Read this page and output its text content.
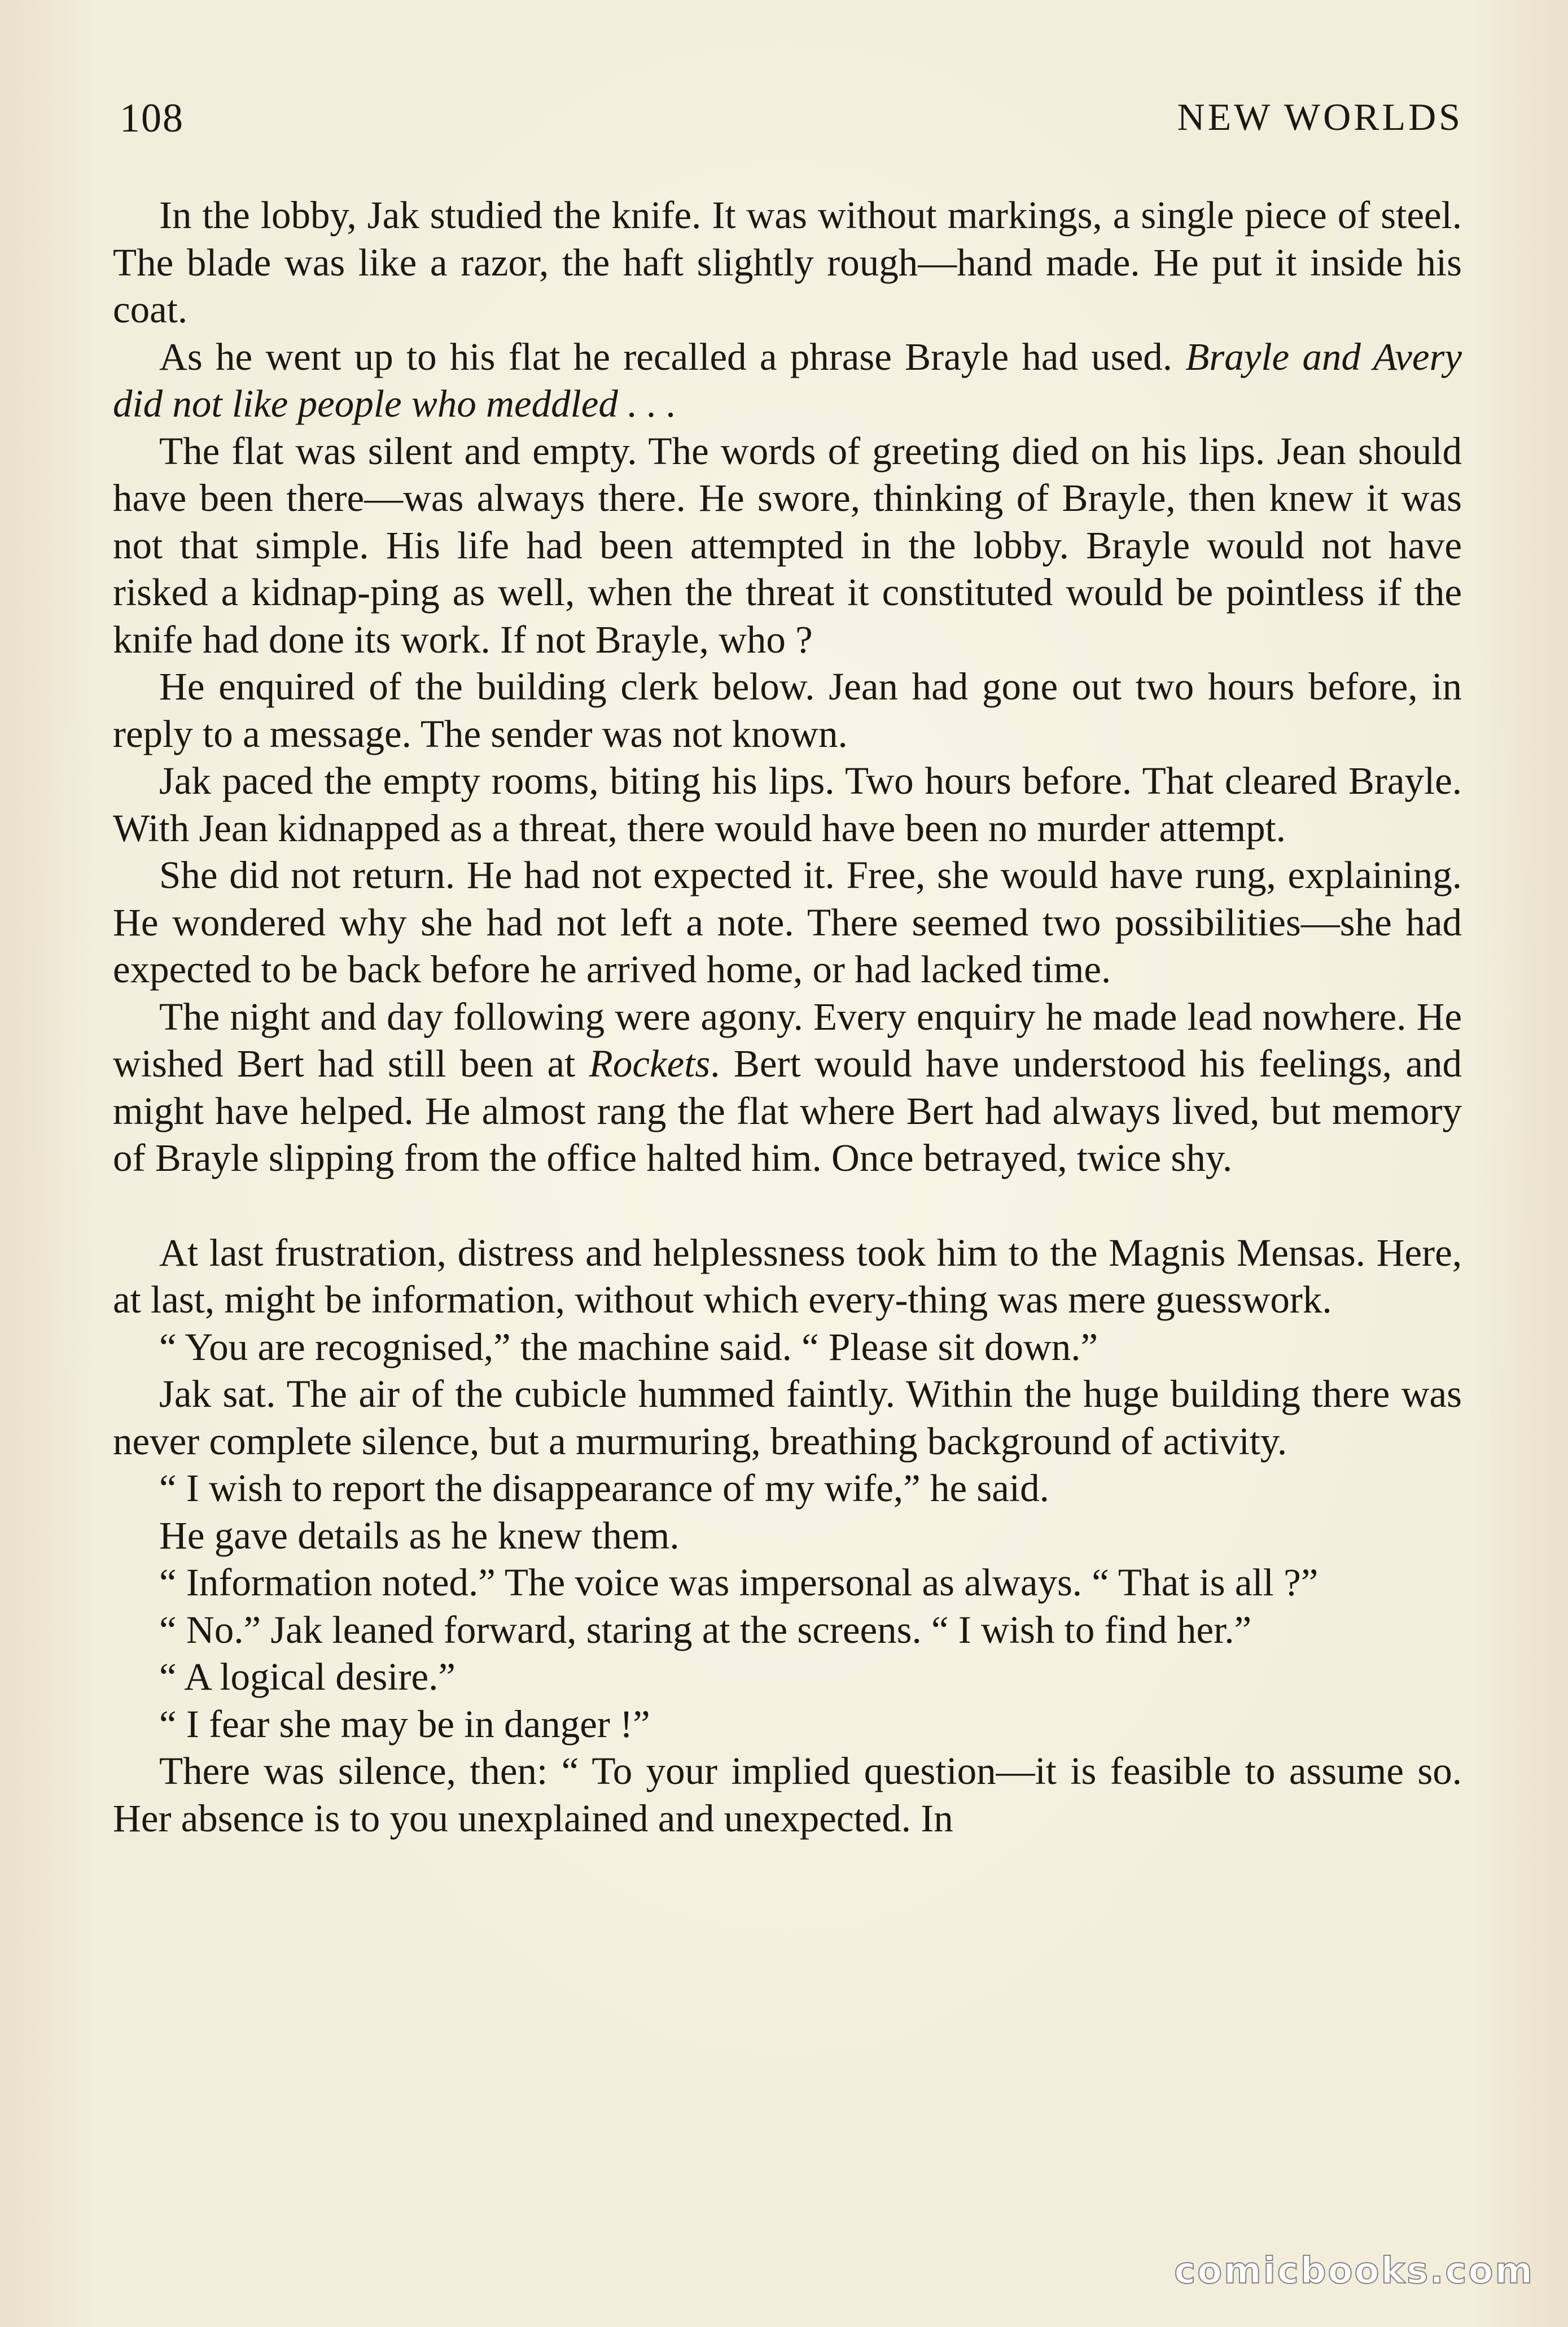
108	NEW WORLDS

In the lobby, Jak studied the knife. It was without markings, a single piece of steel. The blade was like a razor, the haft slightly rough—hand made. He put it inside his coat.

As he went up to his flat he recalled a phrase Brayle had used. Brayle and Avery did not like people who meddled . . .

The flat was silent and empty. The words of greeting died on his lips. Jean should have been there—was always there. He swore, thinking of Brayle, then knew it was not that simple. His life had been attempted in the lobby. Brayle would not have risked a kidnap-ping as well, when the threat it constituted would be pointless if the knife had done its work. If not Brayle, who ?

He enquired of the building clerk below. Jean had gone out two hours before, in reply to a message. The sender was not known.

Jak paced the empty rooms, biting his lips. Two hours before. That cleared Brayle. With Jean kidnapped as a threat, there would have been no murder attempt.

She did not return. He had not expected it. Free, she would have rung, explaining. He wondered why she had not left a note. There seemed two possibilities—she had expected to be back before he arrived home, or had lacked time.

The night and day following were agony. Every enquiry he made lead nowhere. He wished Bert had still been at Rockets. Bert would have understood his feelings, and might have helped. He almost rang the flat where Bert had always lived, but memory of Brayle slipping from the office halted him. Once betrayed, twice shy.

At last frustration, distress and helplessness took him to the Magnis Mensas. Here, at last, might be information, without which every-thing was mere guesswork.

“ You are recognised,” the machine said. “ Please sit down.”

Jak sat. The air of the cubicle hummed faintly. Within the huge building there was never complete silence, but a murmuring, breathing background of activity.

“ I wish to report the disappearance of my wife,” he said.

He gave details as he knew them.

“ Information noted.” The voice was impersonal as always. “ That is all ?”

“ No.” Jak leaned forward, staring at the screens. “ I wish to find her.”

“ A logical desire.”

“ I fear she may be in danger !”

There was silence, then: “ To your implied question—it is feasible to assume so. Her absence is to you unexplained and unexpected. In

comicbooks.com
